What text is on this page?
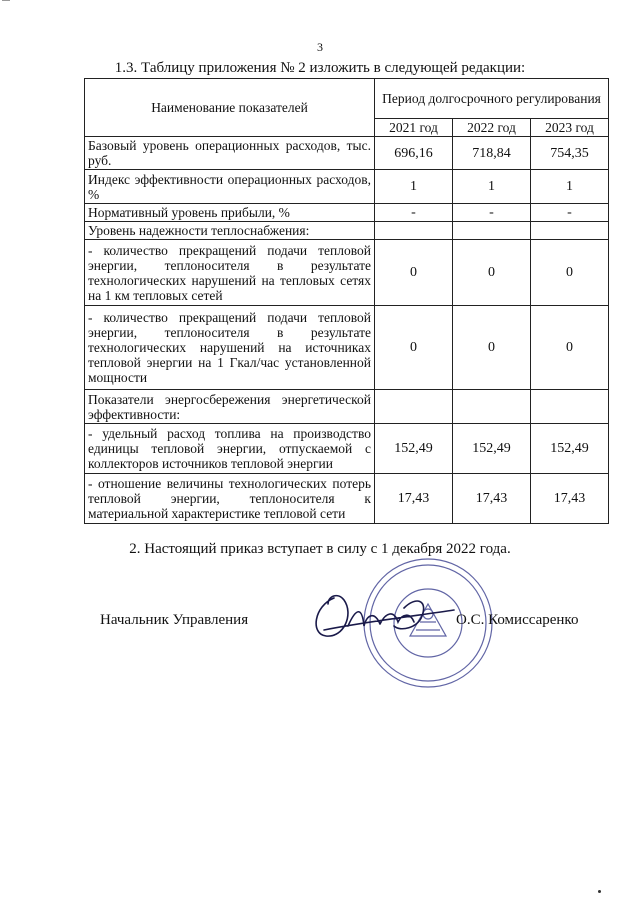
3
1.3. Таблицу приложения № 2 изложить в следующей редакции:
Наименование показателей	Период долгосрочного регулирования		
	2021 год	2022 год	2023 год
Базовый уровень операционных расходов, тыс. руб.	696,16	718,84	754,35
Индекс эффективности операционных расходов, %	1	1	1
Нормативный уровень прибыли, %	-	-	-
Уровень надежности теплоснабжения:			
- количество прекращений подачи тепловой энергии, теплоносителя в результате технологических нарушений на тепловых сетях на 1 км тепловых сетей	0	0	0
- количество прекращений подачи тепловой энергии, теплоносителя в результате технологических нарушений на источниках тепловой энергии на 1 Гкал/час установленной мощности	0	0	0
Показатели энергосбережения энергетической эффективности:			
- удельный расход топлива на производство единицы тепловой энергии, отпускаемой с коллекторов источников тепловой энергии	152,49	152,49	152,49
- отношение величины технологических потерь тепловой энергии, теплоносителя к материальной характеристике тепловой сети	17,43	17,43	17,43
2. Настоящий приказ вступает в силу с 1 декабря 2022 года.
Начальник Управления	О.С. Комиссаренко
